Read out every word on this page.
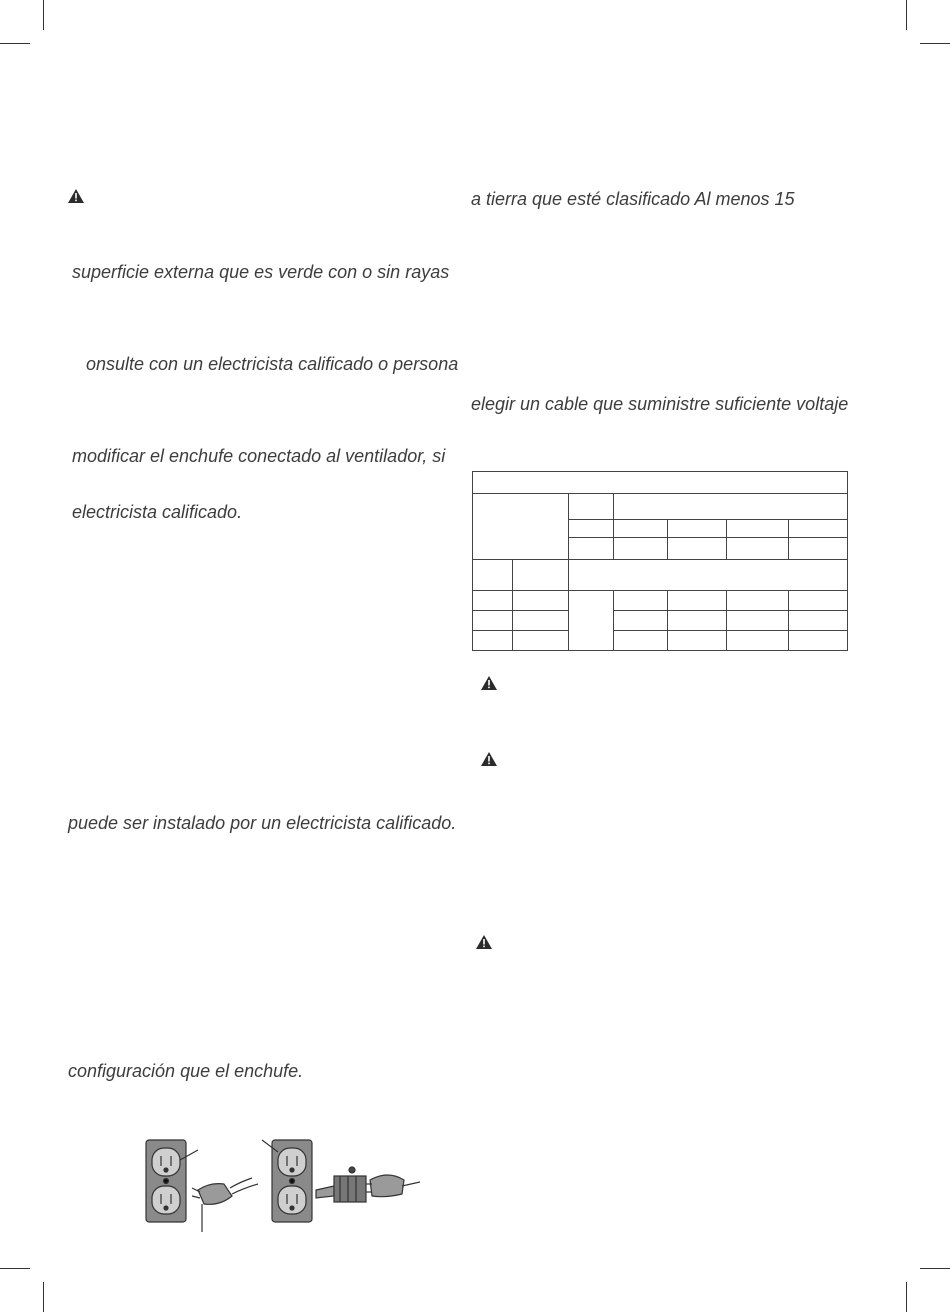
superficie externa que es verde con o sin rayas

onsulte con un electricista calificado o persona

modificar el enchufe conectado al ventilador, si

electricista calificado.

puede ser instalado por un electricista calificado.

configuración que el enchufe.

a tierra que esté clasificado Al menos 15

elegir un cable que suministre suficiente voltaje
